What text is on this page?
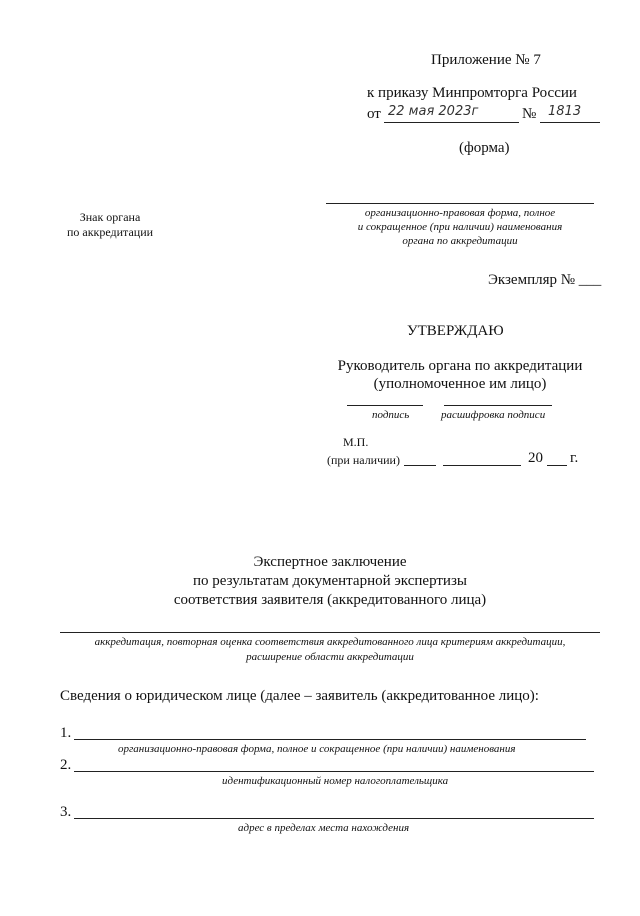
Приложение № 7
к приказу Минпромторга России
от 22 мая 2023г	№ 1813
(форма)
Знак органа
по аккредитации
организационно-правовая форма, полное
и сокращенное (при наличии) наименования
органа по аккредитации
Экземпляр № ___
УТВЕРЖДАЮ
Руководитель органа по аккредитации
(уполномоченное им лицо)
подпись	расшифровка подписи
М.П.
(при наличии)	20 г.
Экспертное заключение
по результатам документарной экспертизы
соответствия заявителя (аккредитованного лица)
аккредитация, повторная оценка соответствия аккредитованного лица критериям аккредитации,
расширение области аккредитации
Сведения о юридическом лице (далее – заявитель (аккредитованное лицо):
1.
организационно-правовая форма, полное и сокращенное (при наличии) наименования
2.
идентификационный номер налогоплательщика
3.
адрес в пределах места нахождения
